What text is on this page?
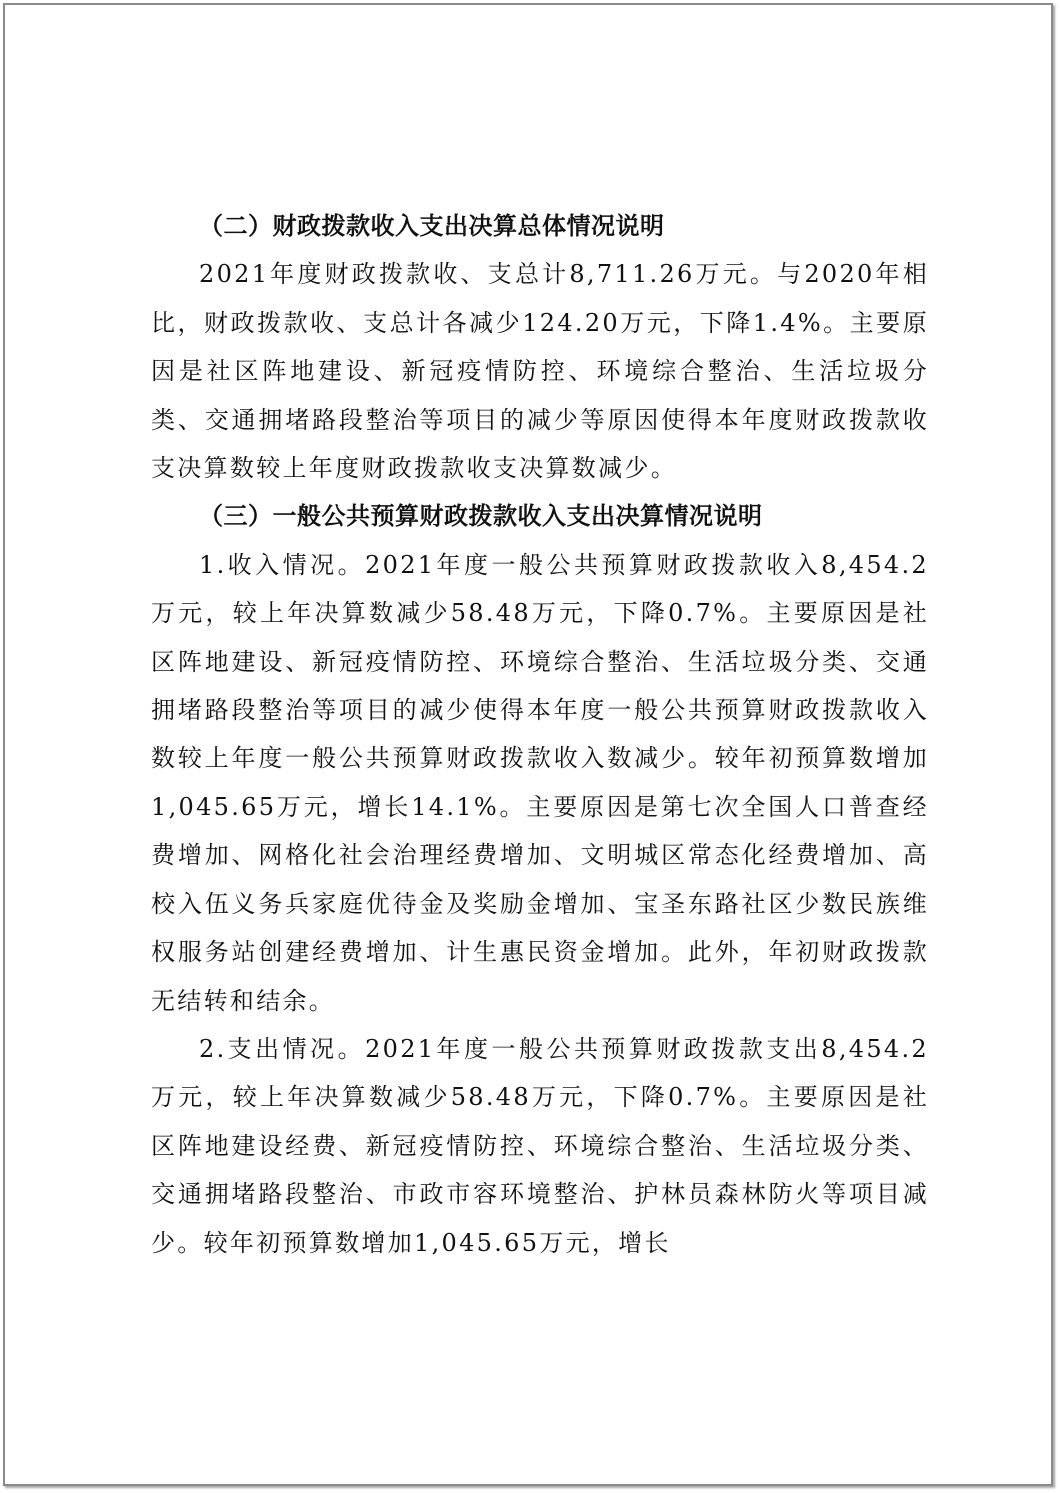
（二）财政拨款收入支出决算总体情况说明

2021年度财政拨款收、支总计8,711.26万元。与2020年相比，财政拨款收、支总计各减少124.20万元，下降1.4%。主要原因是社区阵地建设、新冠疫情防控、环境综合整治、生活垃圾分类、交通拥堵路段整治等项目的减少等原因使得本年度财政拨款收支决算数较上年度财政拨款收支决算数减少。

（三）一般公共预算财政拨款收入支出决算情况说明

1.收入情况。2021年度一般公共预算财政拨款收入8,454.2万元，较上年决算数减少58.48万元，下降0.7%。主要原因是社区阵地建设、新冠疫情防控、环境综合整治、生活垃圾分类、交通拥堵路段整治等项目的减少使得本年度一般公共预算财政拨款收入数较上年度一般公共预算财政拨款收入数减少。较年初预算数增加1,045.65万元，增长14.1%。主要原因是第七次全国人口普查经费增加、网格化社会治理经费增加、文明城区常态化经费增加、高校入伍义务兵家庭优待金及奖励金增加、宝圣东路社区少数民族维权服务站创建经费增加、计生惠民资金增加。此外，年初财政拨款无结转和结余。

2.支出情况。2021年度一般公共预算财政拨款支出8,454.2万元，较上年决算数减少58.48万元，下降0.7%。主要原因是社区阵地建设经费、新冠疫情防控、环境综合整治、生活垃圾分类、交通拥堵路段整治、市政市容环境整治、护林员森林防火等项目减少。较年初预算数增加1,045.65万元，增长
